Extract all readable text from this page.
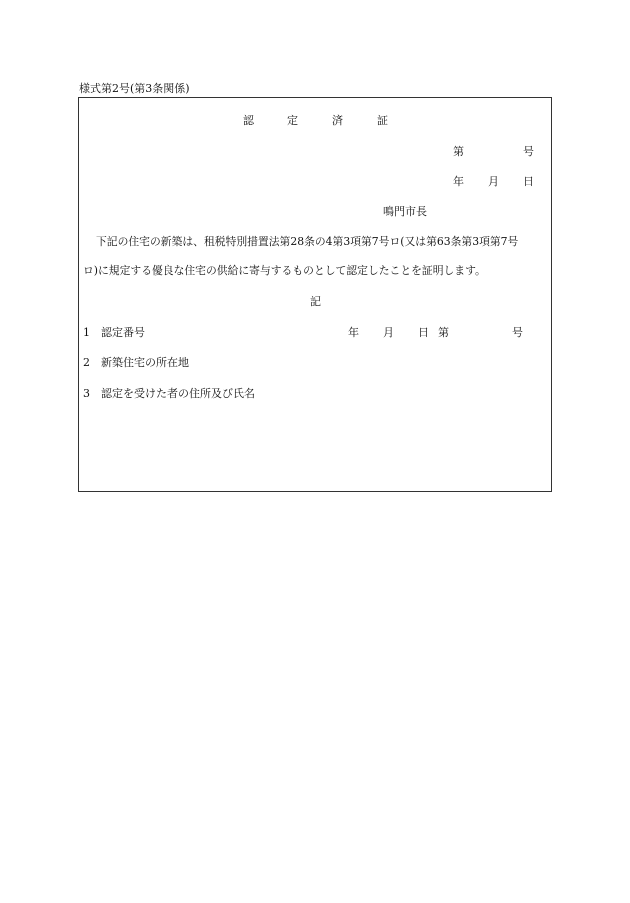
様式第2号(第3条関係)
認	定	済	証
第	号
年 月 日
鳴門市長
下記の住宅の新築は、租税特別措置法第28条の4第3項第7号ロ(又は第63条第3項第7号
ロ)に規定する優良な住宅の供給に寄与するものとして認定したことを証明します。
記
1 認定番号	年 月 日 第	号
2 新築住宅の所在地
3 認定を受けた者の住所及び氏名
